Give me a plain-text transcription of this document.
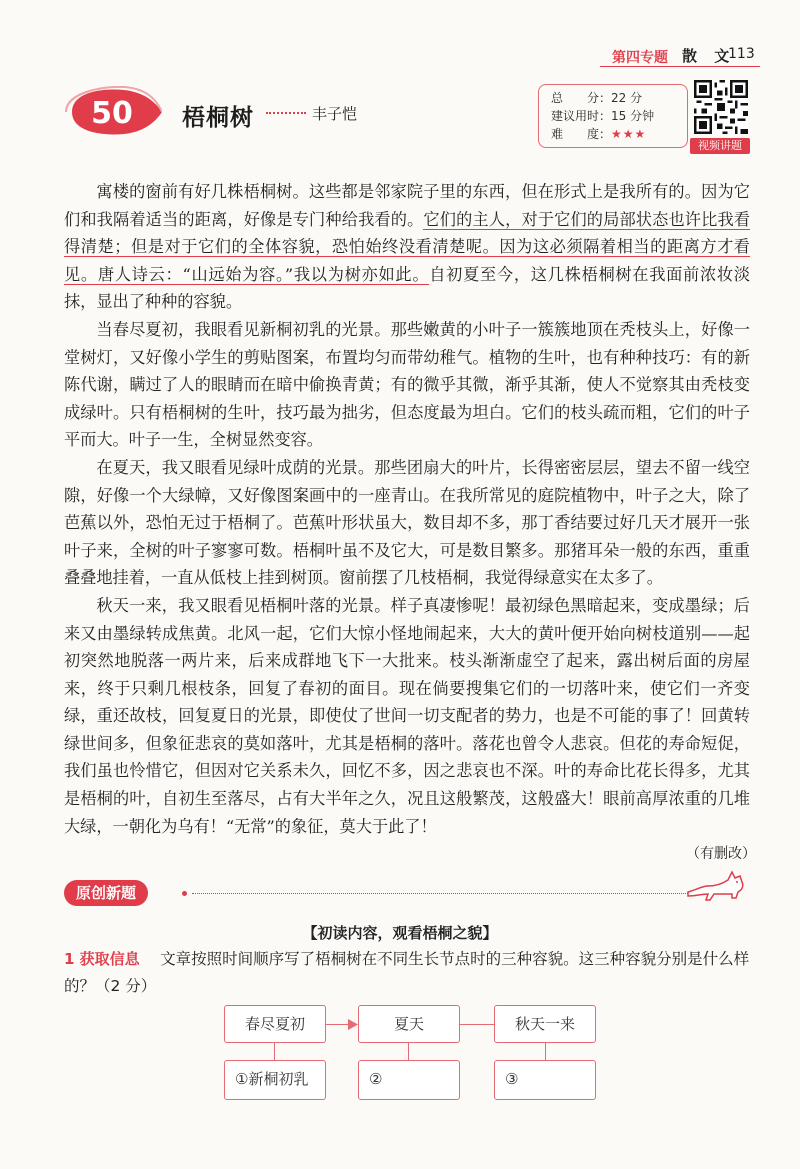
第四专题 散 文
113
50 梧桐树	丰子恺
总　　分：22 分
建议用时：15 分钟
难　　度：★★★
视频讲题

寓楼的窗前有好几株梧桐树。这些都是邻家院子里的东西，但在形式上是我所有的。因为它们和我隔着适当的距离，好像是专门种给我看的。它们的主人，对于它们的局部状态也许比我看得清楚；但是对于它们的全体容貌，恐怕始终没看清楚呢。因为这必须隔着相当的距离方才看见。唐人诗云：“山远始为容。”我以为树亦如此。自初夏至今，这几株梧桐树在我面前浓妆淡抹，显出了种种的容貌。

当春尽夏初，我眼看见新桐初乳的光景。那些嫩黄的小叶子一簇簇地顶在秃枝头上，好像一堂树灯，又好像小学生的剪贴图案，布置均匀而带幼稚气。植物的生叶，也有种种技巧：有的新陈代谢，瞒过了人的眼睛而在暗中偷换青黄；有的微乎其微，渐乎其渐，使人不觉察其由秃枝变成绿叶。只有梧桐树的生叶，技巧最为拙劣，但态度最为坦白。它们的枝头疏而粗，它们的叶子平而大。叶子一生，全树显然变容。

在夏天，我又眼看见绿叶成荫的光景。那些团扇大的叶片，长得密密层层，望去不留一线空隙，好像一个大绿幛，又好像图案画中的一座青山。在我所常见的庭院植物中，叶子之大，除了芭蕉以外，恐怕无过于梧桐了。芭蕉叶形状虽大，数目却不多，那丁香结要过好几天才展开一张叶子来，全树的叶子寥寥可数。梧桐叶虽不及它大，可是数目繁多。那猪耳朵一般的东西，重重叠叠地挂着，一直从低枝上挂到树顶。窗前摆了几枝梧桐，我觉得绿意实在太多了。

秋天一来，我又眼看见梧桐叶落的光景。样子真凄惨呢！最初绿色黑暗起来，变成墨绿；后来又由墨绿转成焦黄。北风一起，它们大惊小怪地闹起来，大大的黄叶便开始向树枝道别——起初突然地脱落一两片来，后来成群地飞下一大批来。枝头渐渐虚空了起来，露出树后面的房屋来，终于只剩几根枝条，回复了春初的面目。现在倘要搜集它们的一切落叶来，使它们一齐变绿，重还故枝，回复夏日的光景，即使仗了世间一切支配者的势力，也是不可能的事了！回黄转绿世间多，但象征悲哀的莫如落叶，尤其是梧桐的落叶。落花也曾令人悲哀。但花的寿命短促，我们虽也怜惜它，但因对它关系未久，回忆不多，因之悲哀也不深。叶的寿命比花长得多，尤其是梧桐的叶，自初生至落尽，占有大半年之久，况且这般繁茂，这般盛大！眼前高厚浓重的几堆大绿，一朝化为乌有！“无常”的象征，莫大于此了！

（有删改）
原创新题
【初读内容，观看梧桐之貌】
1 获取信息	文章按照时间顺序写了梧桐树在不同生长节点时的三种容貌。这三种容貌分别是什么样的？（2 分）
春尽夏初	夏天	秋天一来
①新桐初乳	②	③
